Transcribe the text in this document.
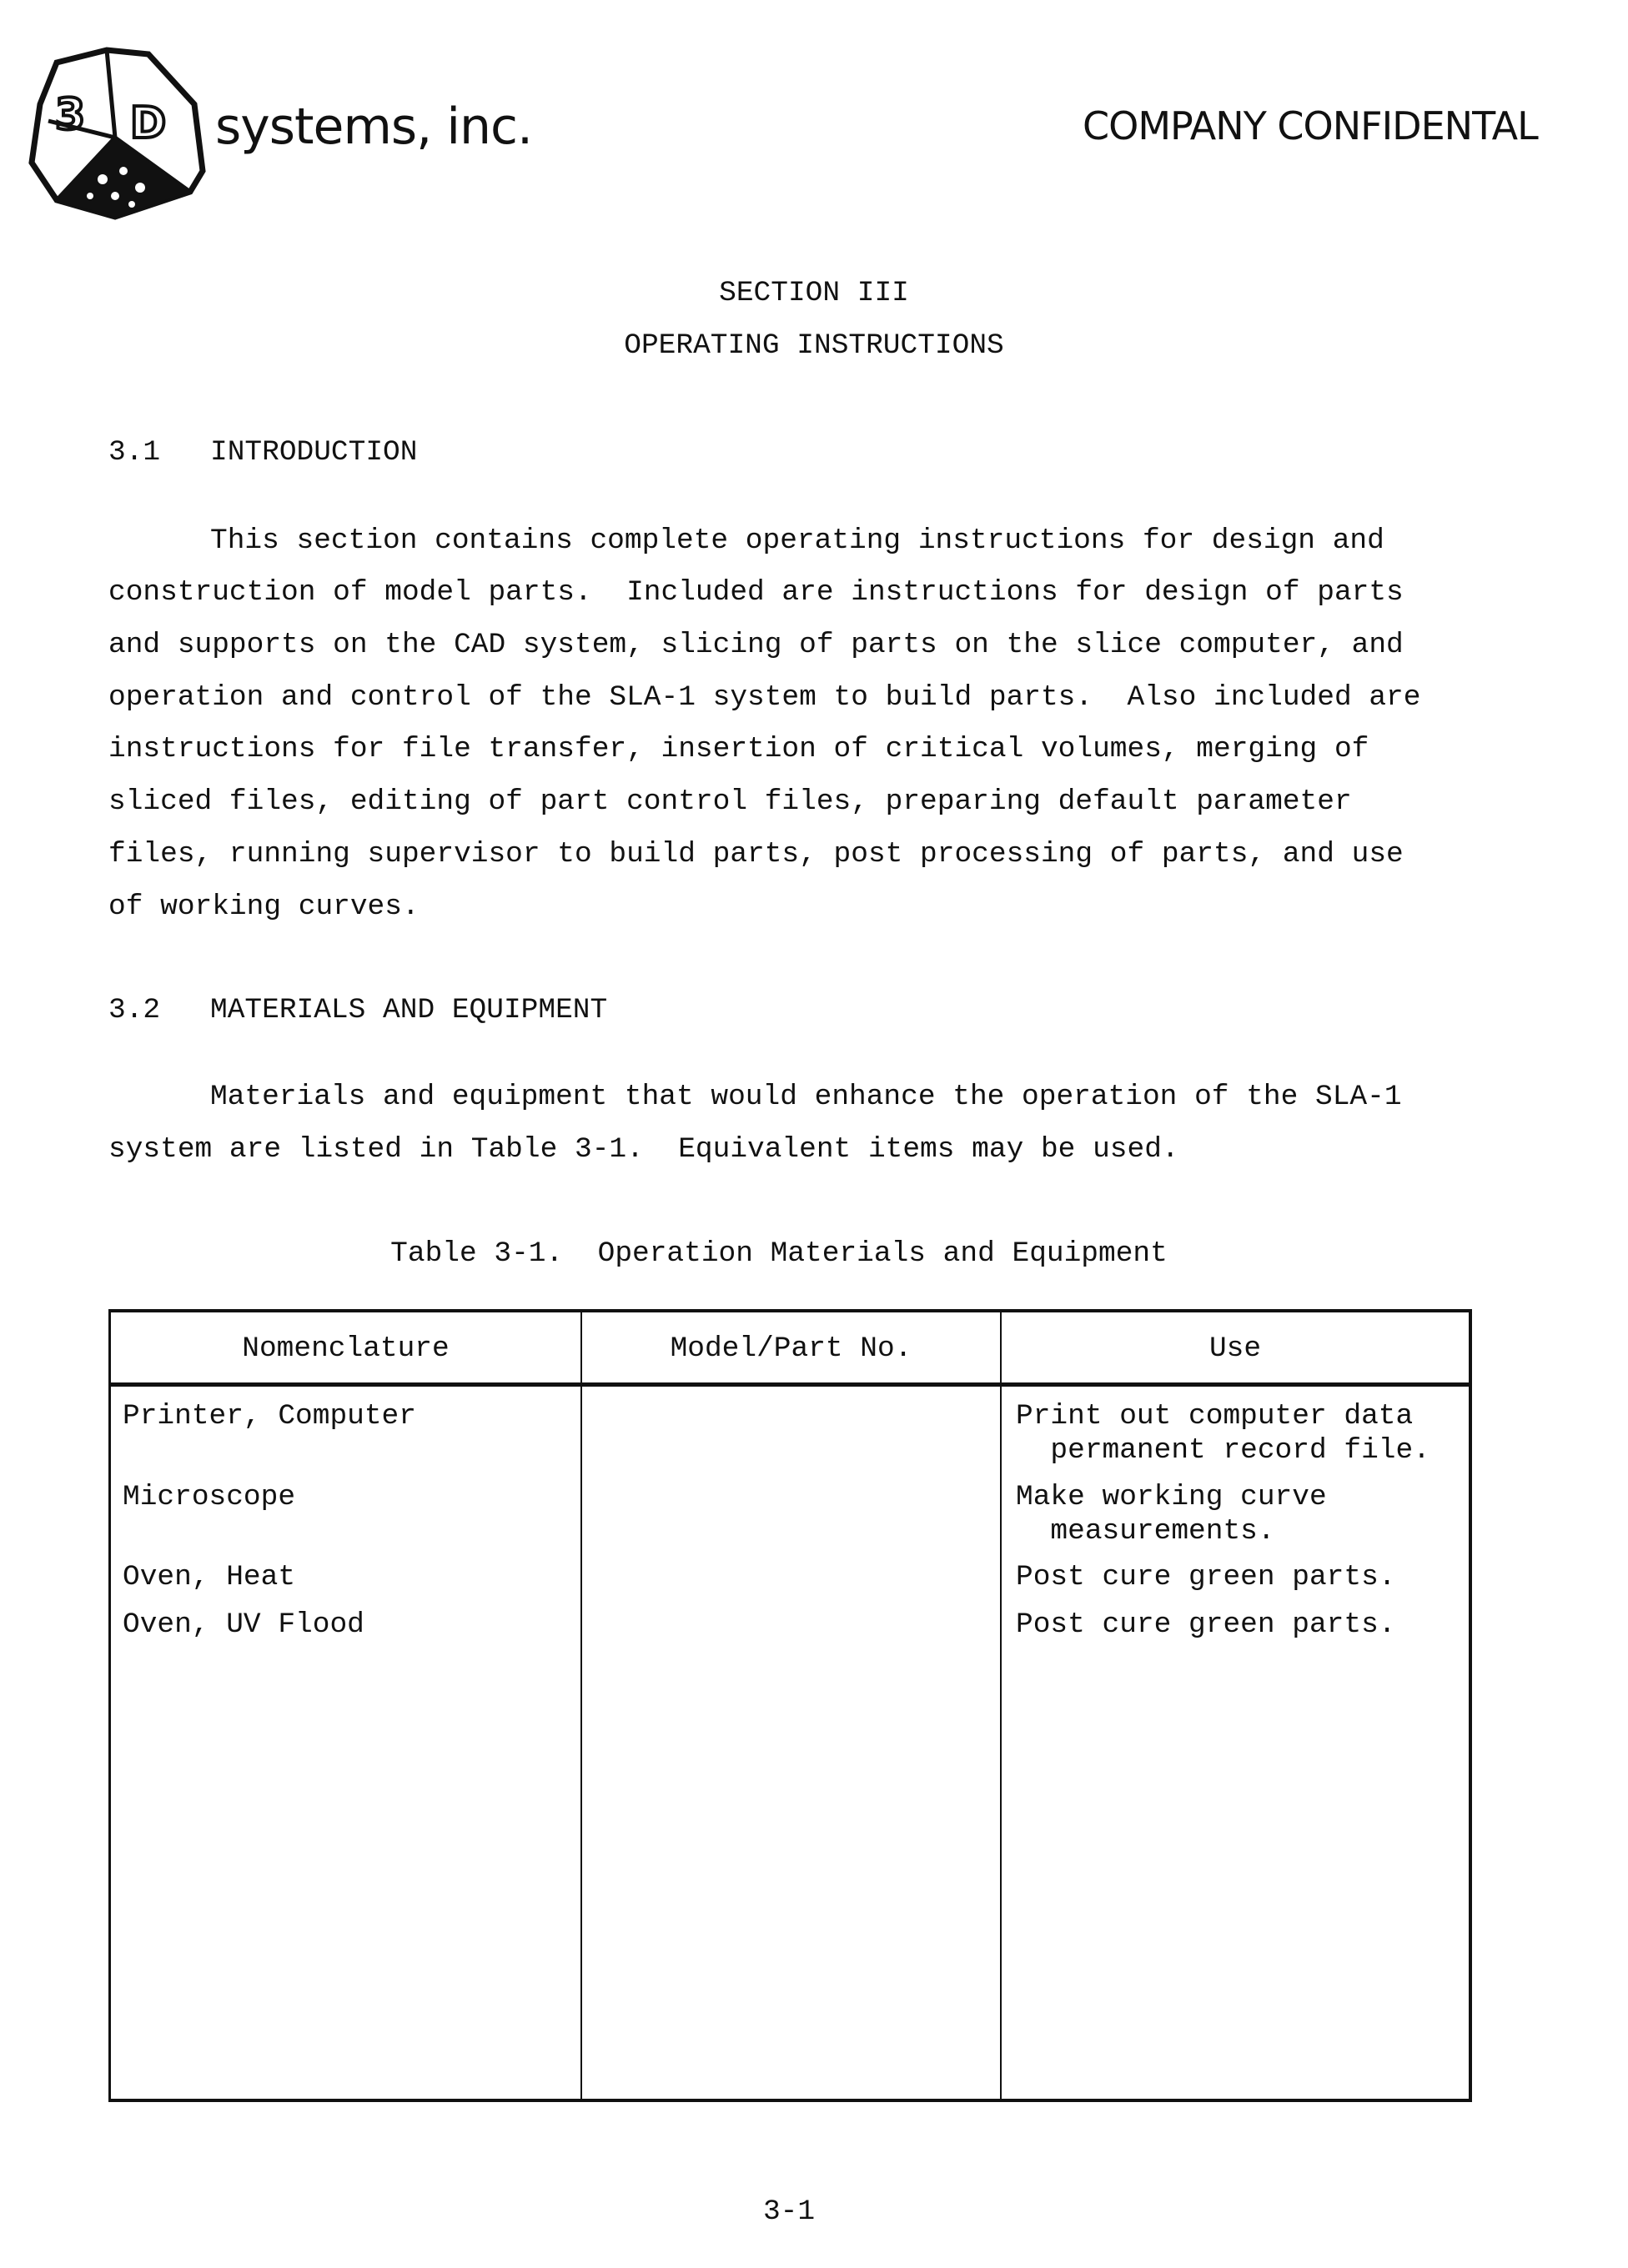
3 D systems, inc.	COMPANY CONFIDENTAL
SECTION III
OPERATING INSTRUCTIONS
3.1 INTRODUCTION
This section contains complete operating instructions for design and
construction of model parts.  Included are instructions for design of parts
and supports on the CAD system, slicing of parts on the slice computer, and
operation and control of the SLA-1 system to build parts.  Also included are
instructions for file transfer, insertion of critical volumes, merging of
sliced files, editing of part control files, preparing default parameter
files, running supervisor to build parts, post processing of parts, and use
of working curves.
3.2 MATERIALS AND EQUIPMENT
Materials and equipment that would enhance the operation of the SLA-1
system are listed in Table 3-1.  Equivalent items may be used.
Table 3-1.  Operation Materials and Equipment
Nomenclature	Model/Part No.	Use
Printer, Computer	Print out computer data
permanent record file.
Microscope	Make working curve
measurements.
Oven, Heat	Post cure green parts.
Oven, UV Flood	Post cure green parts.
3-1
